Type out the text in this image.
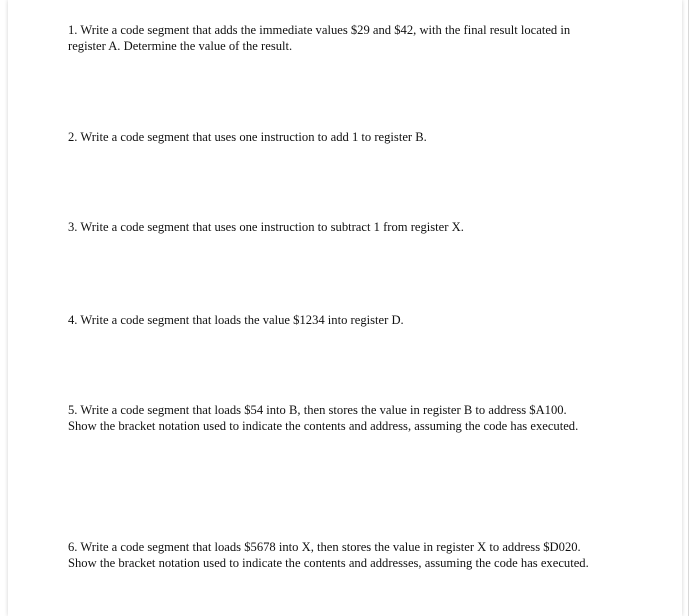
1. Write a code segment that adds the immediate values $29 and $42, with the final result located in
register A. Determine the value of the result.
2. Write a code segment that uses one instruction to add 1 to register B.
3. Write a code segment that uses one instruction to subtract 1 from register X.
4. Write a code segment that loads the value $1234 into register D.
5. Write a code segment that loads $54 into B, then stores the value in register B to address $A100.
Show the bracket notation used to indicate the contents and address, assuming the code has executed.
6. Write a code segment that loads $5678 into X, then stores the value in register X to address $D020.
Show the bracket notation used to indicate the contents and addresses, assuming the code has executed.
